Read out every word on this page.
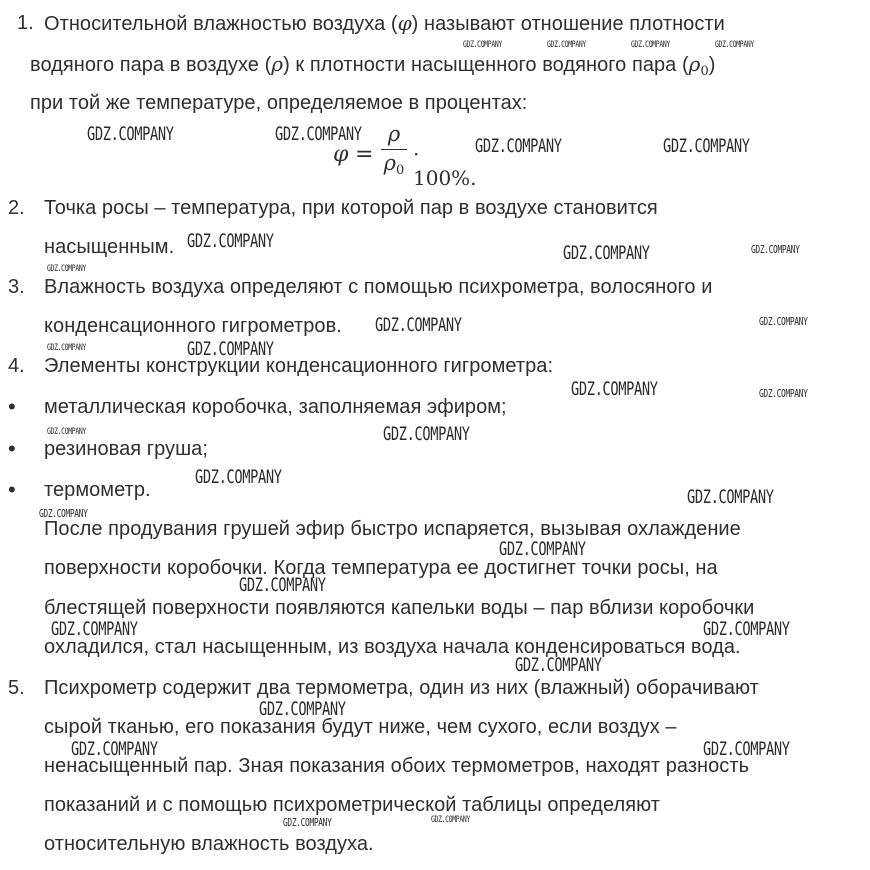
1. Относительной влажностью воздуха (φ) называют отношение плотности
водяного пара в воздухе (ρ) к плотности насыщенного водяного пара $(\rho_0)$
при той же температуре, определяемое в процентах:
φ =
ρ
$\rho_0$
· 100%.
2. Точка росы – температура, при которой пар в воздухе становится
насыщенным.
3. Влажность воздуха определяют с помощью психрометра, волосяного и
конденсационного гигрометров.
4. Элементы конструкции конденсационного гигрометра:
• металлическая коробочка, заполняемая эфиром;
• резиновая груша;
• термометр.
После продувания грушей эфир быстро испаряется, вызывая охлаждение
поверхности коробочки. Когда температура ее достигнет точки росы, на
блестящей поверхности появляются капельки воды – пар вблизи коробочки
охладился, стал насыщенным, из воздуха начала конденсироваться вода.
5. Психрометр содержит два термометра, один из них (влажный) оборачивают
сырой тканью, его показания будут ниже, чем сухого, если воздух –
ненасыщенный пар. Зная показания обоих термометров, находят разность
показаний и с помощью психрометрической таблицы определяют
относительную влажность воздуха.
GDZ.COMPANY	GDZ.COMPANY	GDZ.COMPANY	GDZ.COMPANY
GDZ.COMPANY	GDZ.COMPANY
GDZ.COMPANY	GDZ.COMPANY
GDZ.COMPANY
GDZ.COMPANY	GDZ.COMPANY
GDZ.COMPANY
GDZ.COMPANY	GDZ.COMPANY
GDZ.COMPANY	GDZ.COMPANY
GDZ.COMPANY	GDZ.COMPANY
GDZ.COMPANY	GDZ.COMPANY
GDZ.COMPANY
GDZ.COMPANY
GDZ.COMPANY
GDZ.COMPANY
GDZ.COMPANY
GDZ.COMPANY	GDZ.COMPANY
GDZ.COMPANY
GDZ.COMPANY
GDZ.COMPANY	GDZ.COMPANY
GDZ.COMPANY	GDZ.COMPANY
